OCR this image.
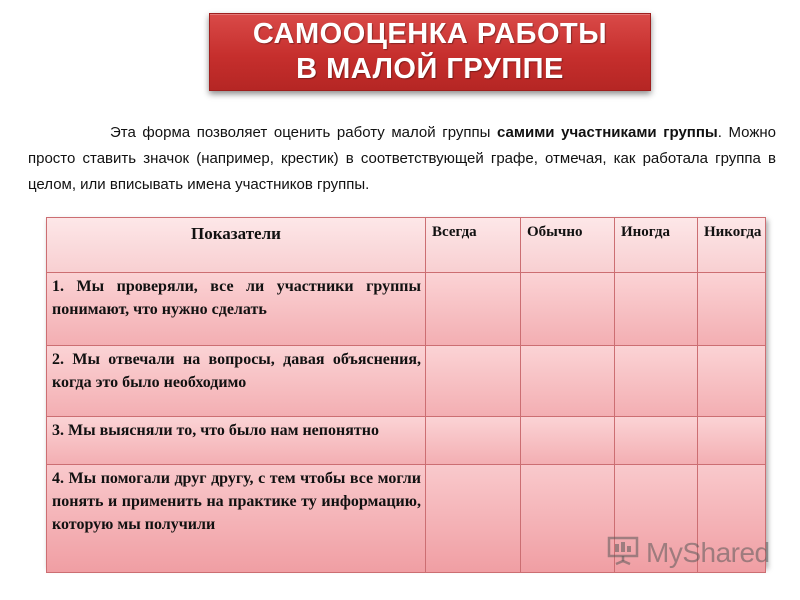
САМООЦЕНКА РАБОТЫ
В МАЛОЙ ГРУППЕ

Эта форма позволяет оценить работу малой группы самими участниками группы. Можно просто ставить значок (например, крестик) в соответствующей графе, отмечая, как работала группа в целом, или вписывать имена участников группы.

Показатели	Всегда	Обычно	Иногда	Никогда
1. Мы проверяли, все ли участники группы понимают, что нужно сделать				
2. Мы отвечали на вопросы, давая объяснения, когда это было необходимо				
3. Мы выясняли то, что было нам непонятно				
4. Мы помогали друг другу, с тем чтобы все могли понять и применить на практике ту информацию, которую мы получили				
MyShared
